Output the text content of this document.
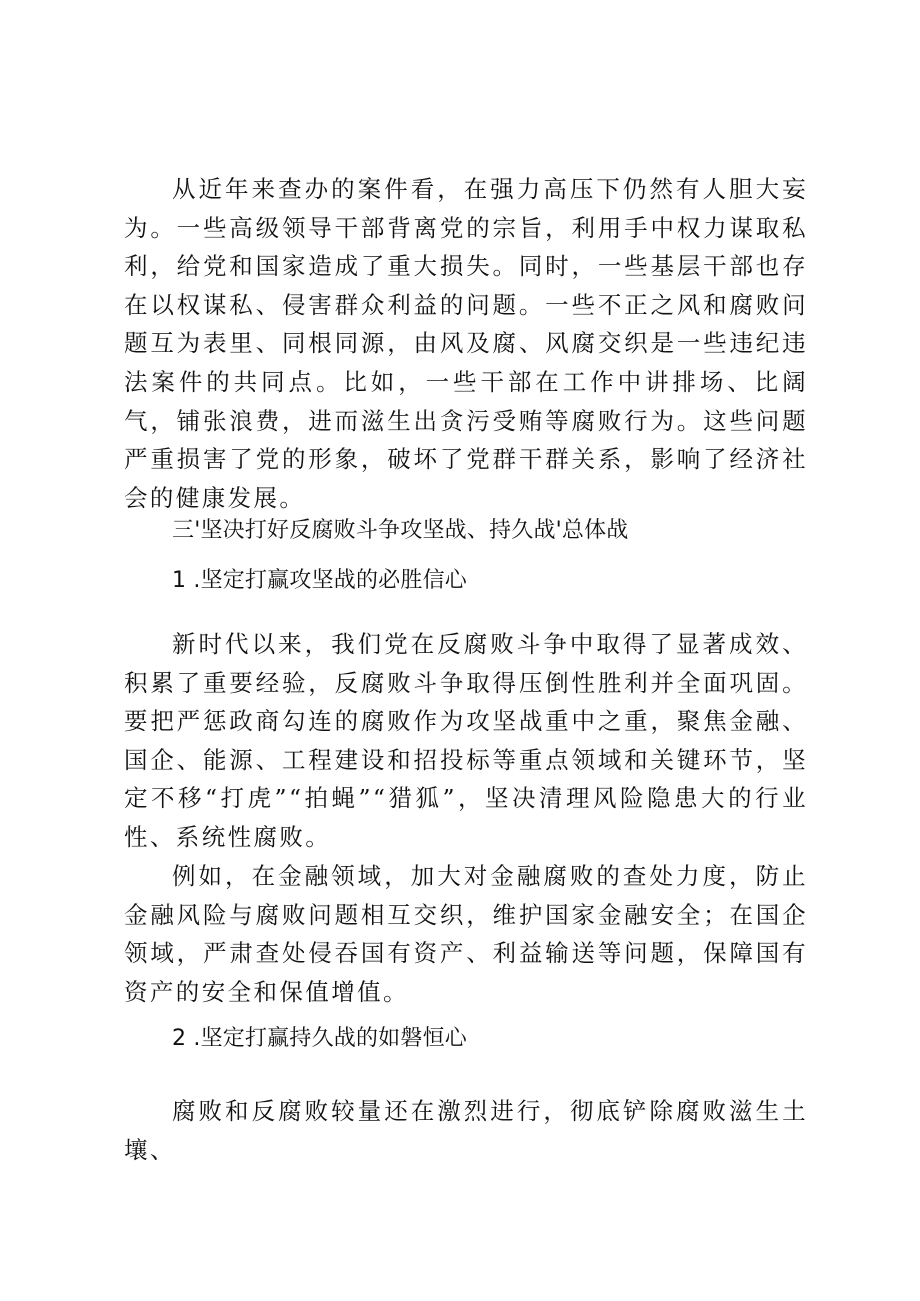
从近年来查办的案件看，在强力高压下仍然有人胆大妄为。一些高级领导干部背离党的宗旨，利用手中权力谋取私利，给党和国家造成了重大损失。同时，一些基层干部也存在以权谋私、侵害群众利益的问题。一些不正之风和腐败问题互为表里、同根同源，由风及腐、风腐交织是一些违纪违法案件的共同点。比如，一些干部在工作中讲排场、比阔气，铺张浪费，进而滋生出贪污受贿等腐败行为。这些问题严重损害了党的形象，破坏了党群干群关系，影响了经济社会的健康发展。

三'坚决打好反腐败斗争攻坚战、持久战'总体战
1 .坚定打赢攻坚战的必胜信心

新时代以来，我们党在反腐败斗争中取得了显著成效、积累了重要经验，反腐败斗争取得压倒性胜利并全面巩固。要把严惩政商勾连的腐败作为攻坚战重中之重，聚焦金融、国企、能源、工程建设和招投标等重点领域和关键环节，坚定不移“打虎”“拍蝇”“猎狐”，坚决清理风险隐患大的行业性、系统性腐败。

例如，在金融领域，加大对金融腐败的查处力度，防止金融风险与腐败问题相互交织，维护国家金融安全；在国企领域，严肃查处侵吞国有资产、利益输送等问题，保障国有资产的安全和保值增值。

2 .坚定打赢持久战的如磐恒心

腐败和反腐败较量还在激烈进行，彻底铲除腐败滋生土壤、
